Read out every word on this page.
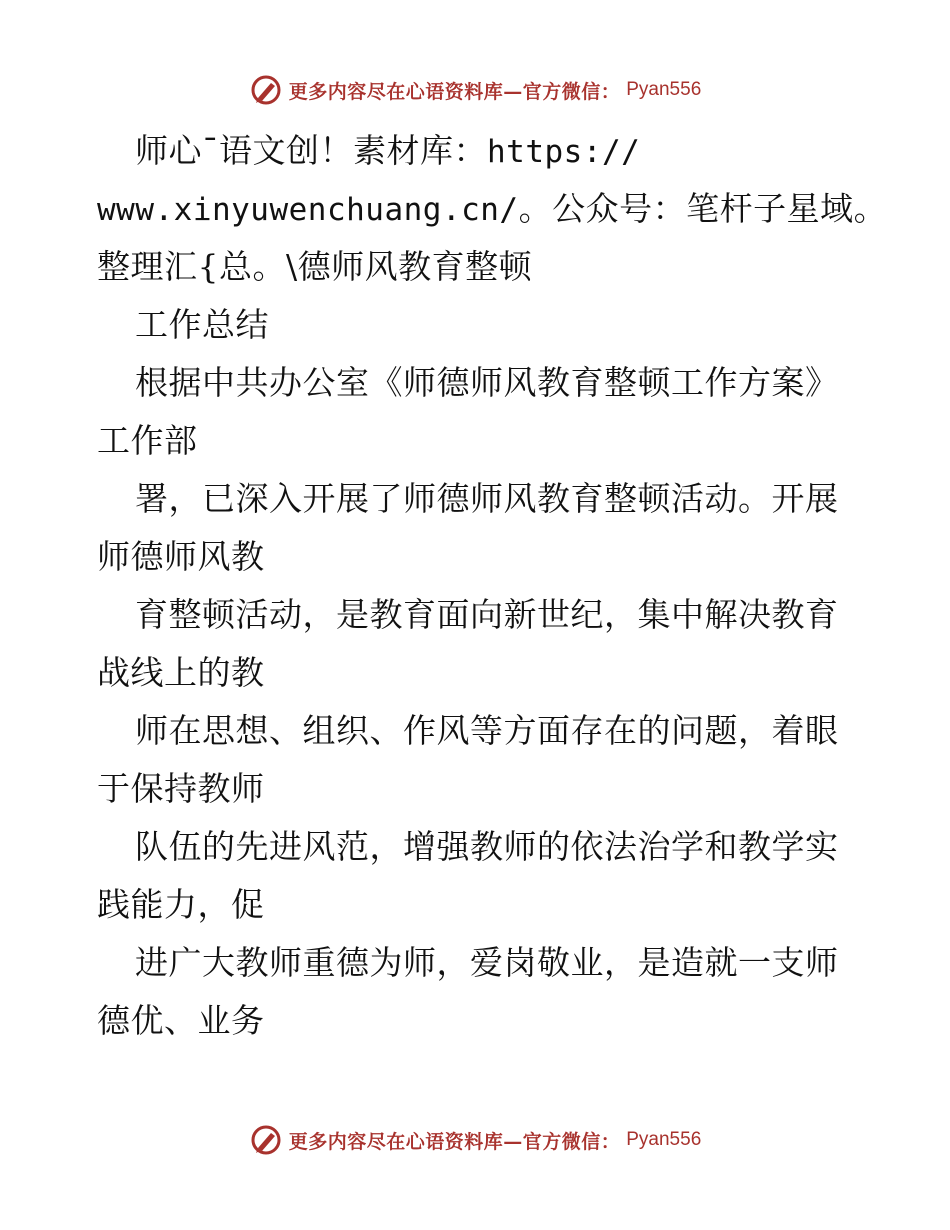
更多内容尽在心语资料库—官方微信： Pyan556
师心¯语文创！素材库：https://
www.xinyuwenchuang.cn/。公众号：笔杆子星域。
整理汇{总。\德师风教育整顿
工作总结
根据中共办公室《师德师风教育整顿工作方案》
工作部
署，已深入开展了师德师风教育整顿活动。开展
师德师风教
育整顿活动，是教育面向新世纪，集中解决教育
战线上的教
师在思想、组织、作风等方面存在的问题，着眼
于保持教师
队伍的先进风范，增强教师的依法治学和教学实
践能力，促
进广大教师重德为师，爱岗敬业，是造就一支师
德优、业务
更多内容尽在心语资料库—官方微信： Pyan556
